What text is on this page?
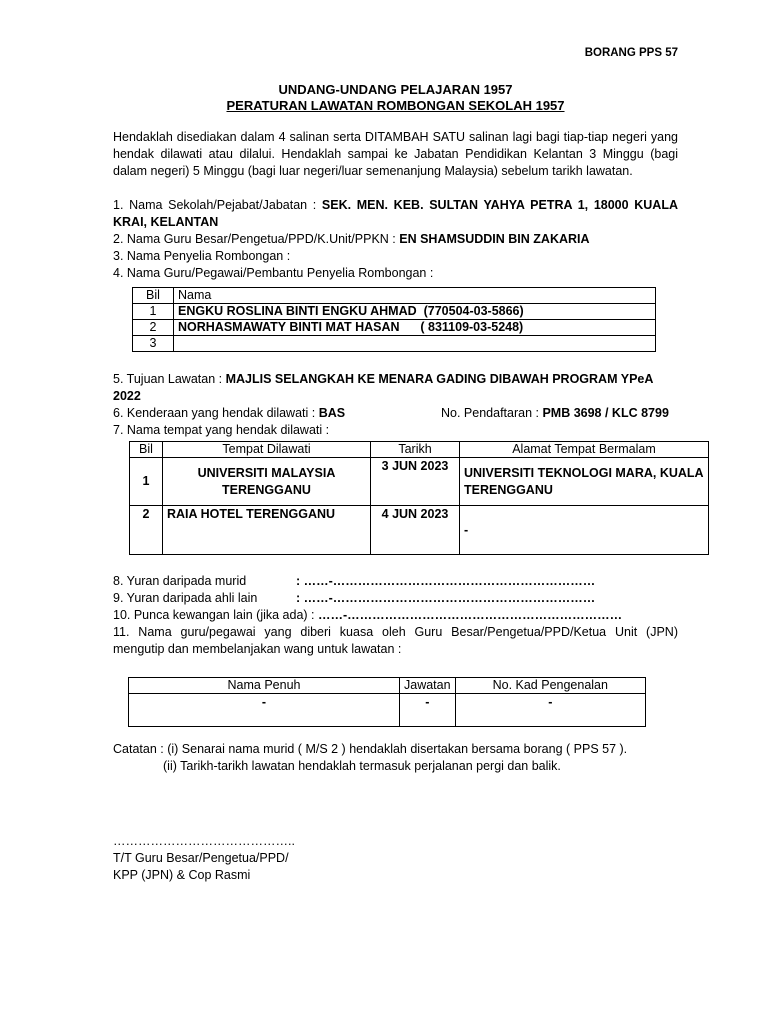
BORANG PPS 57
UNDANG-UNDANG PELAJARAN 1957
PERATURAN LAWATAN ROMBONGAN SEKOLAH 1957
Hendaklah disediakan dalam 4 salinan serta DITAMBAH SATU salinan lagi bagi tiap-tiap negeri yang hendak dilawati atau dilalui. Hendaklah sampai ke Jabatan Pendidikan Kelantan 3 Minggu (bagi dalam negeri) 5 Minggu (bagi luar negeri/luar semenanjung Malaysia) sebelum tarikh lawatan.

1. Nama Sekolah/Pejabat/Jabatan : SEK. MEN. KEB. SULTAN YAHYA PETRA 1, 18000 KUALA KRAI, KELANTAN

2. Nama Guru Besar/Pengetua/PPD/K.Unit/PPKN : EN SHAMSUDDIN BIN ZAKARIA

3. Nama Penyelia Rombongan :

4. Nama Guru/Pegawai/Pembantu Penyelia Rombongan :

Bil	Nama
1	ENGKU ROSLINA BINTI ENGKU AHMAD  (770504-03-5866)
2	NORHASMAWATY BINTI MAT HASAN      ( 831109-03-5248)
3	

5. Tujuan Lawatan : MAJLIS SELANGKAH KE MENARA GADING DIBAWAH PROGRAM YPeA 2022

6. Kenderaan yang hendak dilawati : BAS	No. Pendaftaran : PMB 3698 / KLC 8799

7. Nama tempat yang hendak dilawati :

Bil	Tempat Dilawati	Tarikh	Alamat Tempat Bermalam
1	UNIVERSITI MALAYSIA TERENGGANU	3 JUN 2023	UNIVERSITI TEKNOLOGI MARA, KUALA TERENGGANU
2	RAIA HOTEL TERENGGANU	4 JUN 2023	-

8. Yuran daripada murid	: ……-………………………………………………………

9. Yuran daripada ahli lain	: ……-………………………………………………………

10. Punca kewangan lain (jika ada) : ……-…………………………………………………………

11. Nama guru/pegawai yang diberi kuasa oleh Guru Besar/Pengetua/PPD/Ketua Unit (JPN) mengutip dan membelanjakan wang untuk lawatan :

Nama Penuh	Jawatan	No. Kad Pengenalan
-	-	-

Catatan : (i) Senarai nama murid ( M/S 2 ) hendaklah disertakan bersama borang ( PPS 57 ).

(ii) Tarikh-tarikh lawatan hendaklah termasuk perjalanan pergi dan balik.

……………………………………..

T/T Guru Besar/Pengetua/PPD/

KPP (JPN) & Cop Rasmi
